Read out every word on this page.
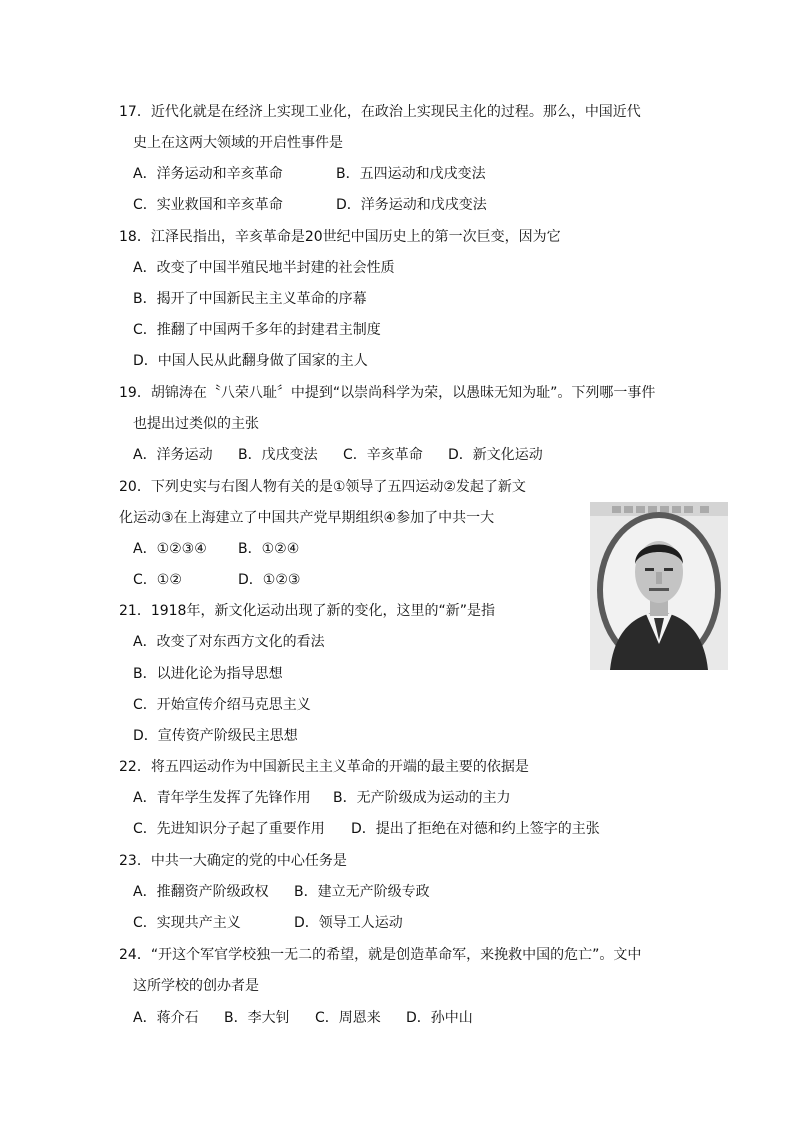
17．近代化就是在经济上实现工业化，在政治上实现民主化的过程。那么，中国近代
史上在这两大领域的开启性事件是
A．洋务运动和辛亥革命	B．五四运动和戊戌变法
C．实业救国和辛亥革命	D．洋务运动和戊戌变法
18．江泽民指出，辛亥革命是20世纪中国历史上的第一次巨变，因为它
A．改变了中国半殖民地半封建的社会性质
B．揭开了中国新民主主义革命的序幕
C．推翻了中国两千多年的封建君主制度
D．中国人民从此翻身做了国家的主人
19．胡锦涛在〝八荣八耻〞中提到“以崇尚科学为荣，以愚昧无知为耻”。下列哪一事件
也提出过类似的主张
A．洋务运动 B．戊戌变法 C．辛亥革命 D．新文化运动
20．下列史实与右图人物有关的是①领导了五四运动②发起了新文
化运动③在上海建立了中国共产党早期组织④参加了中共一大
A．①②③④ B．①②④
C．①②	D．①②③
21．1918年，新文化运动出现了新的变化，这里的“新”是指
A．改变了对东西方文化的看法
B．以进化论为指导思想
C．开始宣传介绍马克思主义
D．宣传资产阶级民主思想
22．将五四运动作为中国新民主主义革命的开端的最主要的依据是
A．青年学生发挥了先锋作用 B．无产阶级成为运动的主力
C．先进知识分子起了重要作用 D．提出了拒绝在对德和约上签字的主张
23．中共一大确定的党的中心任务是
A．推翻资产阶级政权 B．建立无产阶级专政
C．实现共产主义	D．领导工人运动
24．“开这个军官学校独一无二的希望，就是创造革命军，来挽救中国的危亡”。文中
这所学校的创办者是
A．蒋介石 B．李大钊 C．周恩来 D．孙中山
